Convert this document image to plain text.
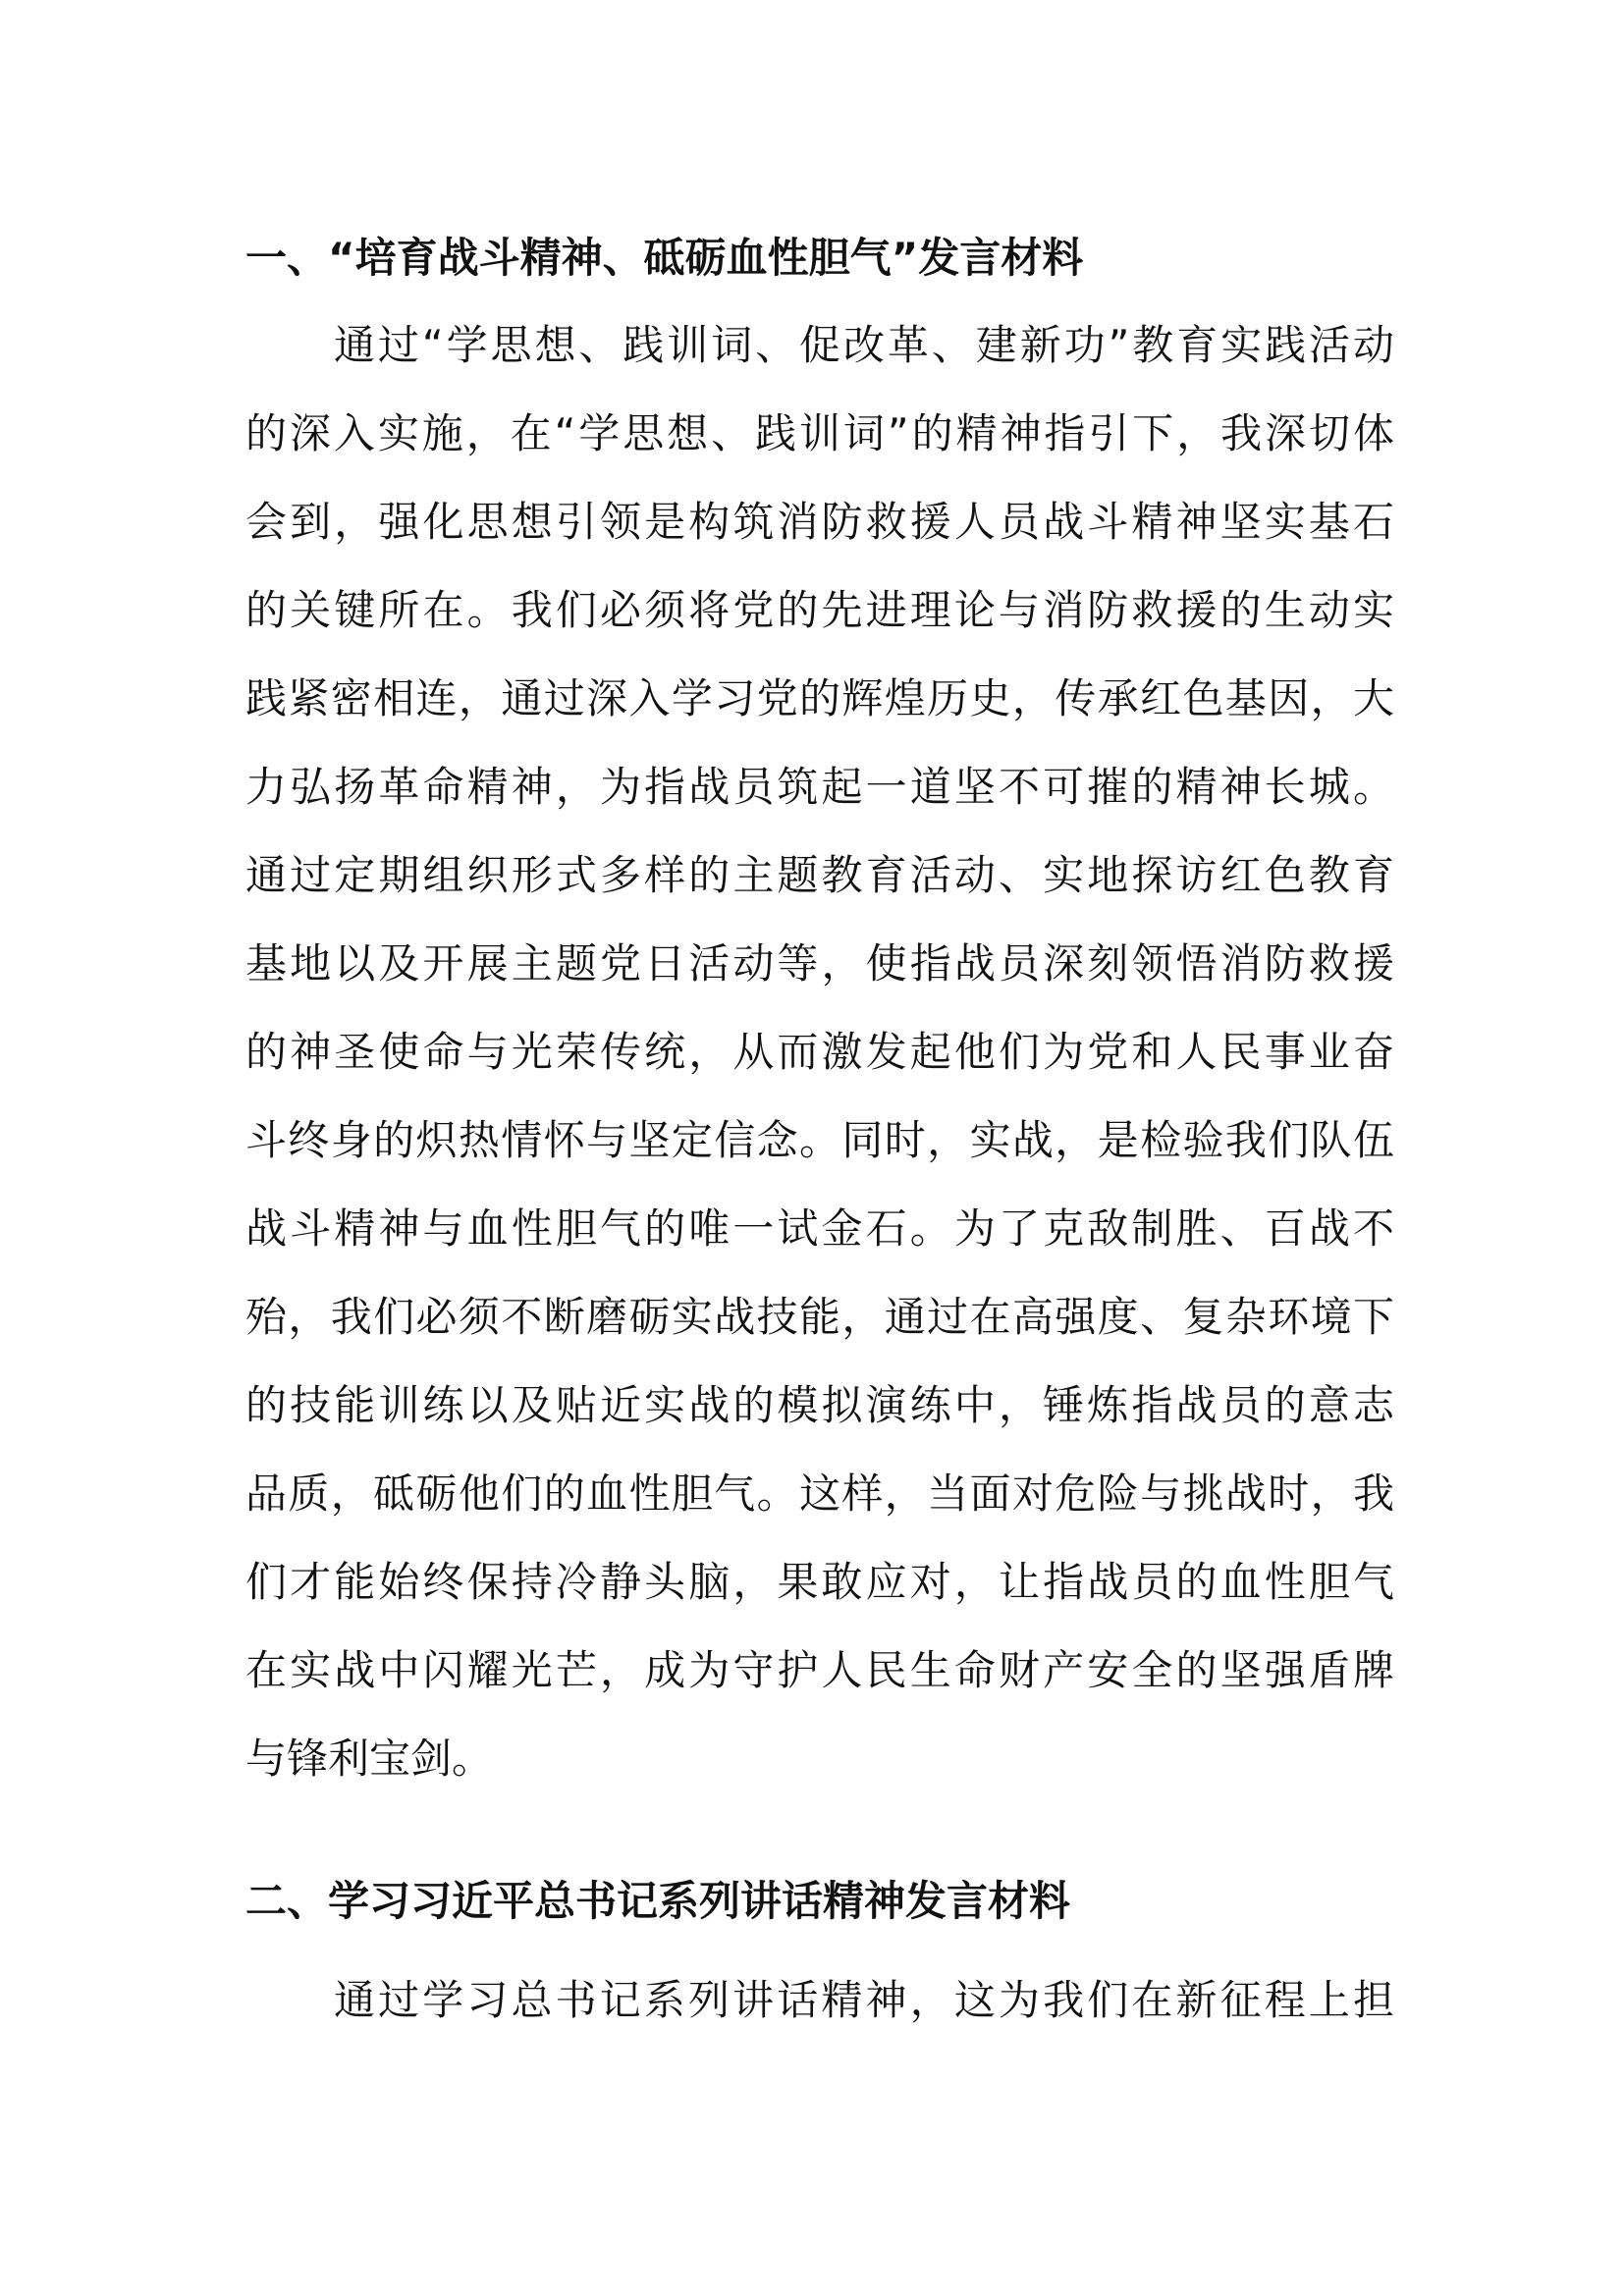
一、“培育战斗精神、砥砺血性胆气”发言材料
通过“学思想、践训词、促改革、建新功”教育实践活动
的深入实施，在“学思想、践训词”的精神指引下，我深切体
会到，强化思想引领是构筑消防救援人员战斗精神坚实基石
的关键所在。我们必须将党的先进理论与消防救援的生动实
践紧密相连，通过深入学习党的辉煌历史，传承红色基因，大
力弘扬革命精神，为指战员筑起一道坚不可摧的精神长城。
通过定期组织形式多样的主题教育活动、实地探访红色教育
基地以及开展主题党日活动等，使指战员深刻领悟消防救援
的神圣使命与光荣传统，从而激发起他们为党和人民事业奋
斗终身的炽热情怀与坚定信念。同时，实战，是检验我们队伍
战斗精神与血性胆气的唯一试金石。为了克敌制胜、百战不
殆，我们必须不断磨砺实战技能，通过在高强度、复杂环境下
的技能训练以及贴近实战的模拟演练中，锤炼指战员的意志
品质，砥砺他们的血性胆气。这样，当面对危险与挑战时，我
们才能始终保持冷静头脑，果敢应对，让指战员的血性胆气
在实战中闪耀光芒，成为守护人民生命财产安全的坚强盾牌
与锋利宝剑。
二、学习习近平总书记系列讲话精神发言材料
通过学习总书记系列讲话精神，这为我们在新征程上担
